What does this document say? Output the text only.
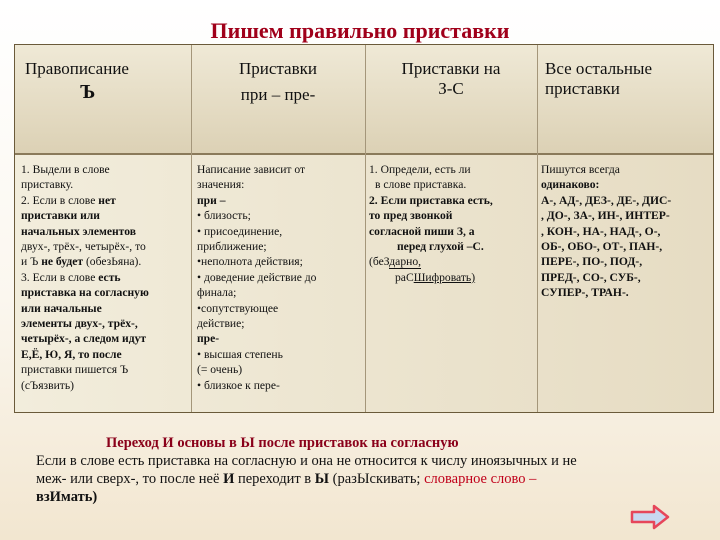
Пишем правильно приставки
Правописание
Ъ
Приставки
при – пре-
Приставки на
З-С
Все остальные
приставки
1. Выдели в слове
приставку.
2. Если в слове нет
приставки или
начальных элементов
двух-, трёх-, четырёх-, то
и Ъ не будет (обезЬяна).
3. Если в слове есть
приставка на согласную
или начальные
элементы двух-, трёх-,
четырёх-, а следом идут
Е,Ё, Ю, Я, то после
приставки пишется Ъ
(сЪязвить)
Написание зависит от
значения:
при –
• близость;
• присоединение,
приближение;
•неполнота действия;
• доведение действие до
финала;
•сопутствующее
действие;
пре-
• высшая степень
(= очень)
• близкое к пере-
1. Определи, есть ли
в слове приставка.
2. Если приставка есть,
то пред звонкой
согласной пиши З, а
перед глухой –С.
(беЗдарно,
раСШифровать)
Пишутся всегда
одинаково:
А-, АД-, ДЕЗ-, ДЕ-, ДИС-
, ДО-, ЗА-, ИН-, ИНТЕР-
, КОН-, НА-, НАД-, О-,
ОБ-, ОБО-, ОТ-, ПАН-,
ПЕРЕ-, ПО-, ПОД-,
ПРЕД-, СО-, СУБ-,
СУПЕР-, ТРАН-.
Переход И основы в Ы после приставок на согласную
Если в слове есть приставка на согласную и она не относится к числу иноязычных и не
меж- или сверх-, то после неё И переходит в Ы (разЫскивать; словарное слово –
взИмать)
